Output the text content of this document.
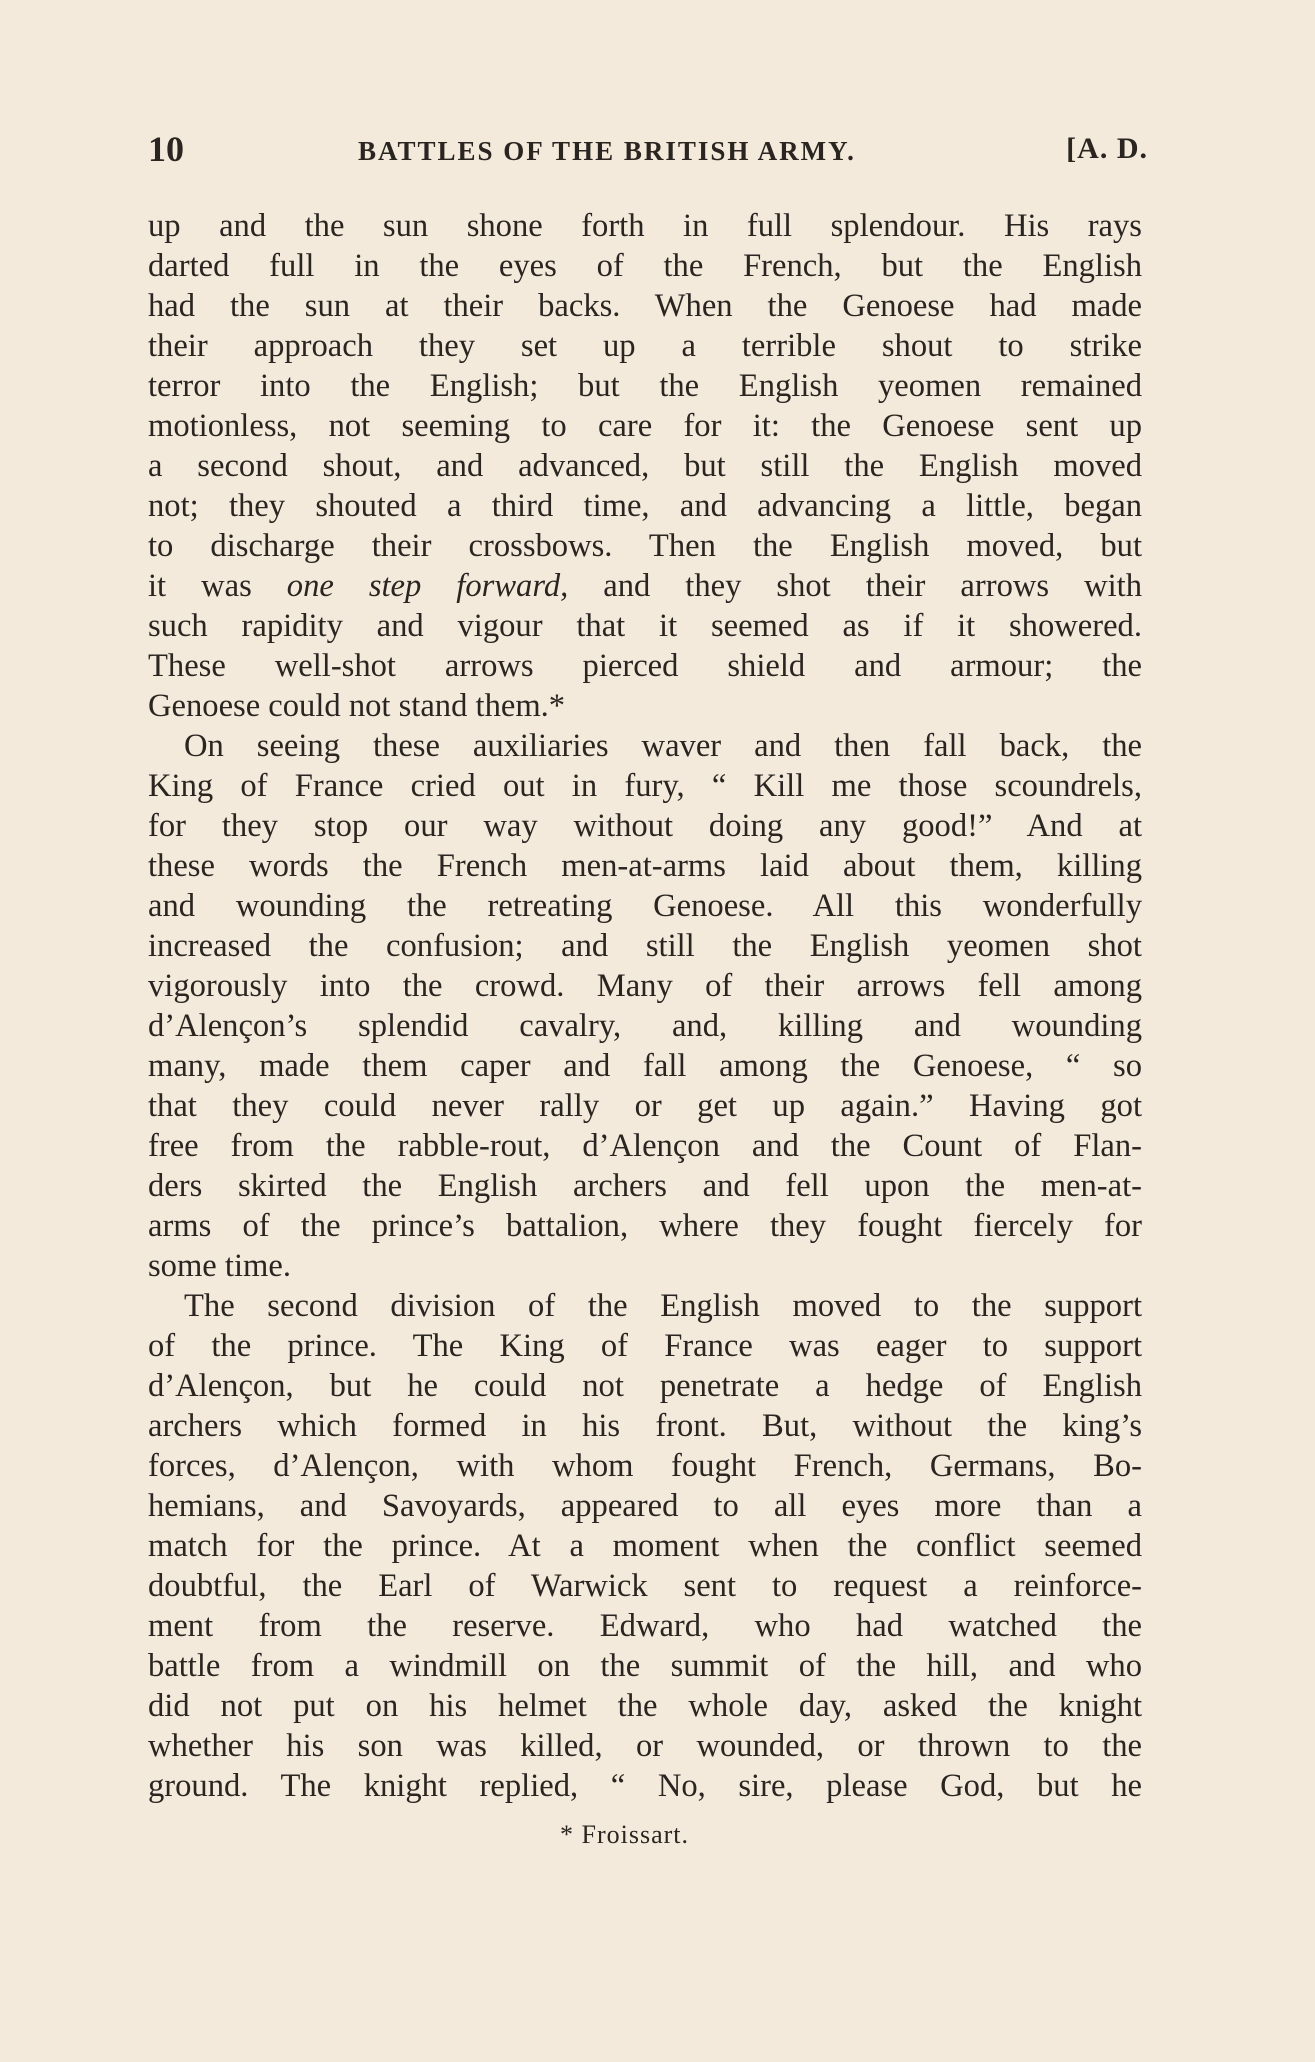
10	BATTLES OF THE BRITISH ARMY.	[A. D.
up and the sun shone forth in full splendour. His rays
darted full in the eyes of the French, but the English
had the sun at their backs. When the Genoese had made
their approach they set up a terrible shout to strike
terror into the English; but the English yeomen remained
motionless, not seeming to care for it: the Genoese sent up
a second shout, and advanced, but still the English moved
not; they shouted a third time, and advancing a little, began
to discharge their crossbows. Then the English moved, but
it was one step forward, and they shot their arrows with
such rapidity and vigour that it seemed as if it showered.
These well-shot arrows pierced shield and armour; the
Genoese could not stand them.*
On seeing these auxiliaries waver and then fall back, the
King of France cried out in fury, “ Kill me those scoundrels,
for they stop our way without doing any good!” And at
these words the French men-at-arms laid about them, killing
and wounding the retreating Genoese. All this wonderfully
increased the confusion; and still the English yeomen shot
vigorously into the crowd. Many of their arrows fell among
d’Alençon’s splendid cavalry, and, killing and wounding
many, made them caper and fall among the Genoese, “ so
that they could never rally or get up again.” Having got
free from the rabble-rout, d’Alençon and the Count of Flan-
ders skirted the English archers and fell upon the men-at-
arms of the prince’s battalion, where they fought fiercely for
some time.
The second division of the English moved to the support
of the prince. The King of France was eager to support
d’Alençon, but he could not penetrate a hedge of English
archers which formed in his front. But, without the king’s
forces, d’Alençon, with whom fought French, Germans, Bo-
hemians, and Savoyards, appeared to all eyes more than a
match for the prince. At a moment when the conflict seemed
doubtful, the Earl of Warwick sent to request a reinforce-
ment from the reserve. Edward, who had watched the
battle from a windmill on the summit of the hill, and who
did not put on his helmet the whole day, asked the knight
whether his son was killed, or wounded, or thrown to the
ground. The knight replied, “ No, sire, please God, but he
* Froissart.
